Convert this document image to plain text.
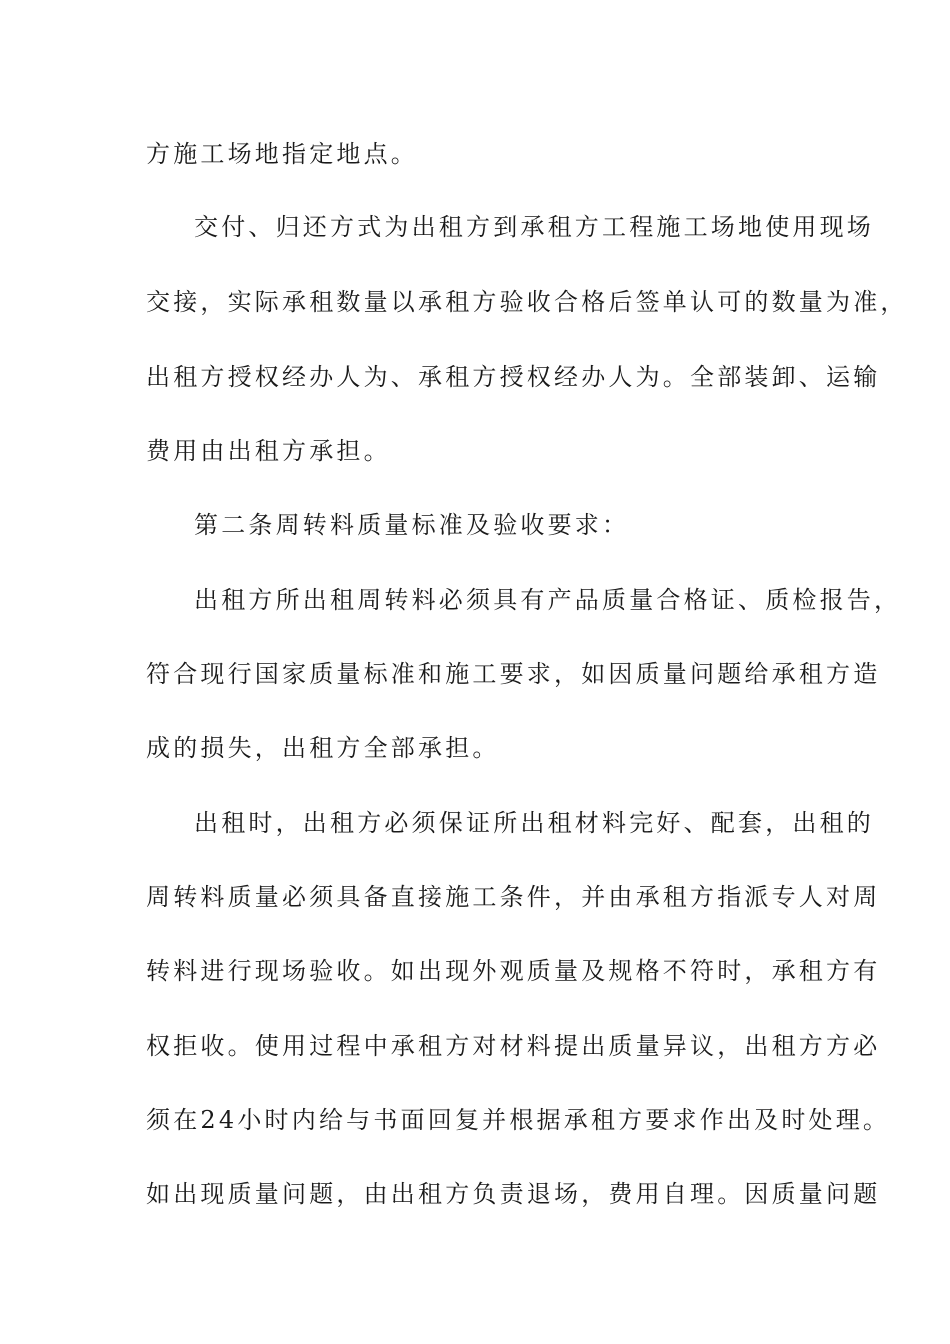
方施工场地指定地点。
交付、归还方式为出租方到承租方工程施工场地使用现场
交接，实际承租数量以承租方验收合格后签单认可的数量为准，
出租方授权经办人为、承租方授权经办人为。全部装卸、运输
费用由出租方承担。
第二条周转料质量标准及验收要求：
出租方所出租周转料必须具有产品质量合格证、质检报告，
符合现行国家质量标准和施工要求，如因质量问题给承租方造
成的损失，出租方全部承担。
出租时，出租方必须保证所出租材料完好、配套，出租的
周转料质量必须具备直接施工条件，并由承租方指派专人对周
转料进行现场验收。如出现外观质量及规格不符时，承租方有
权拒收。使用过程中承租方对材料提出质量异议，出租方方必
须在24小时内给与书面回复并根据承租方要求作出及时处理。
如出现质量问题，由出租方负责退场，费用自理。因质量问题
